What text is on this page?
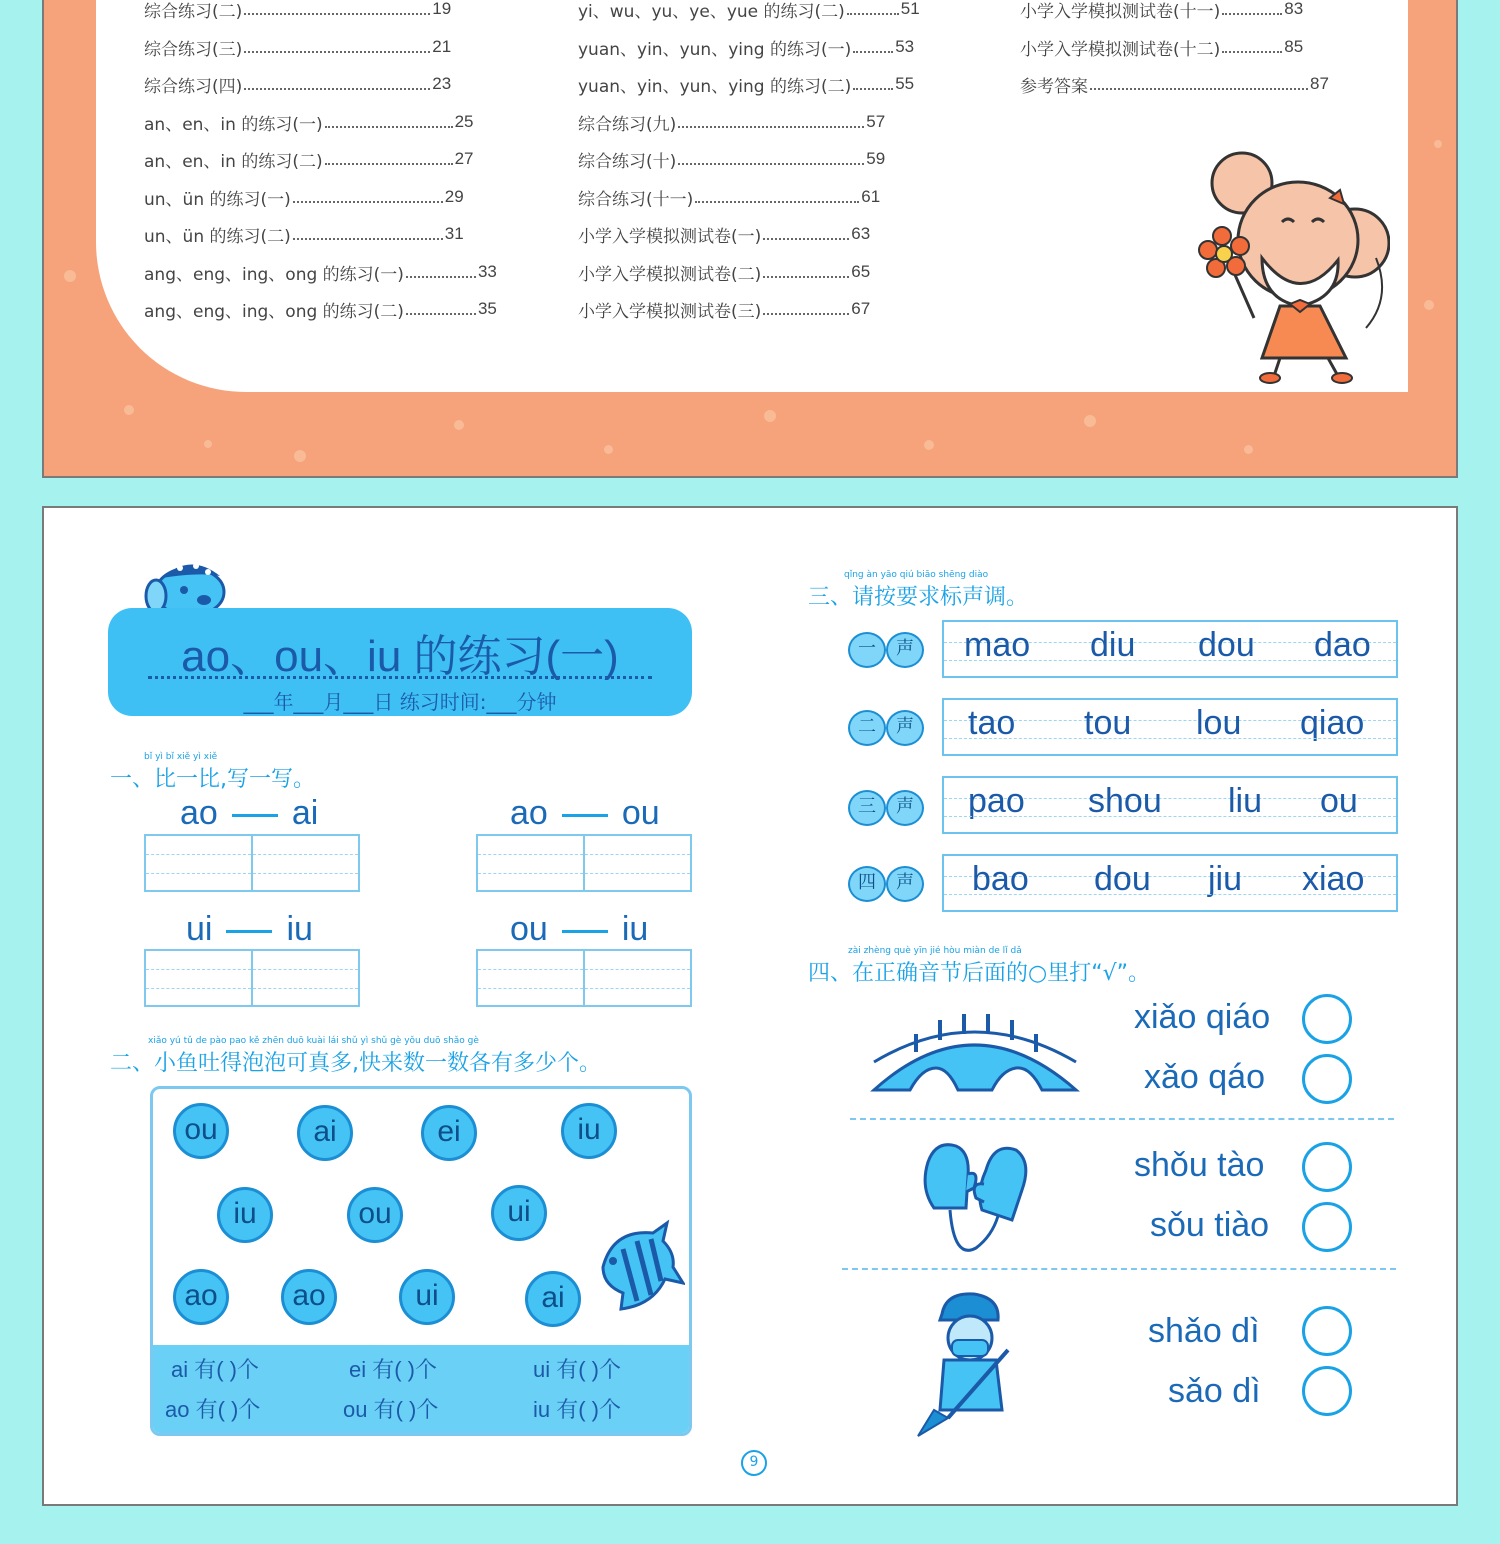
综合练习(二)	19
综合练习(三)	21
综合练习(四)	23
an、en、in 的练习(一)	25
an、en、in 的练习(二)	27
un、ün 的练习(一)	29
un、ün 的练习(二)	31
ang、eng、ing、ong 的练习(一)	33
ang、eng、ing、ong 的练习(二)	35
yi、wu、yu、ye、yue 的练习(二)	51
yuan、yin、yun、ying 的练习(一)	53
yuan、yin、yun、ying 的练习(二)	55
综合练习(九)	57
综合练习(十)	59
综合练习(十一)	61
小学入学模拟测试卷(一)	63
小学入学模拟测试卷(二)	65
小学入学模拟测试卷(三)	67
小学入学模拟测试卷(十一)	83
小学入学模拟测试卷(十二)	85
参考答案	87
ao、ou、iu 的练习(一)
___年___月___日 练习时间:___分钟
bǐ yì bǐ xiě yì xiě
一、比一比,写一写。
ao ai	ao ou
ui iu	ou iu
xiǎo yú tǔ de pào pao kě zhēn duō kuài lái shǔ yì shǔ gè yǒu duō shǎo gè
二、小鱼吐得泡泡可真多,快来数一数各有多少个。
ou	ai	ei	iu
iu	ou	ui
ao	ao	ui	ai
ai 有( )个	ei 有( )个	ui 有( )个
ao 有( )个	ou 有( )个	iu 有( )个
qǐng àn yāo qiú biāo shēng diào
三、请按要求标声调。
一	声 mao diu dou dao
二	声 tao tou lou qiao
三	声 pao shou liu ou
四	声 bao dou jiu xiao
zài zhèng què yīn jié hòu miàn de lǐ dǎ
四、在正确音节后面的○里打“√”。
xiǎo qiáo
xǎo qáo
shǒu tào
sǒu tiào
shǎo dì
sǎo dì
9
